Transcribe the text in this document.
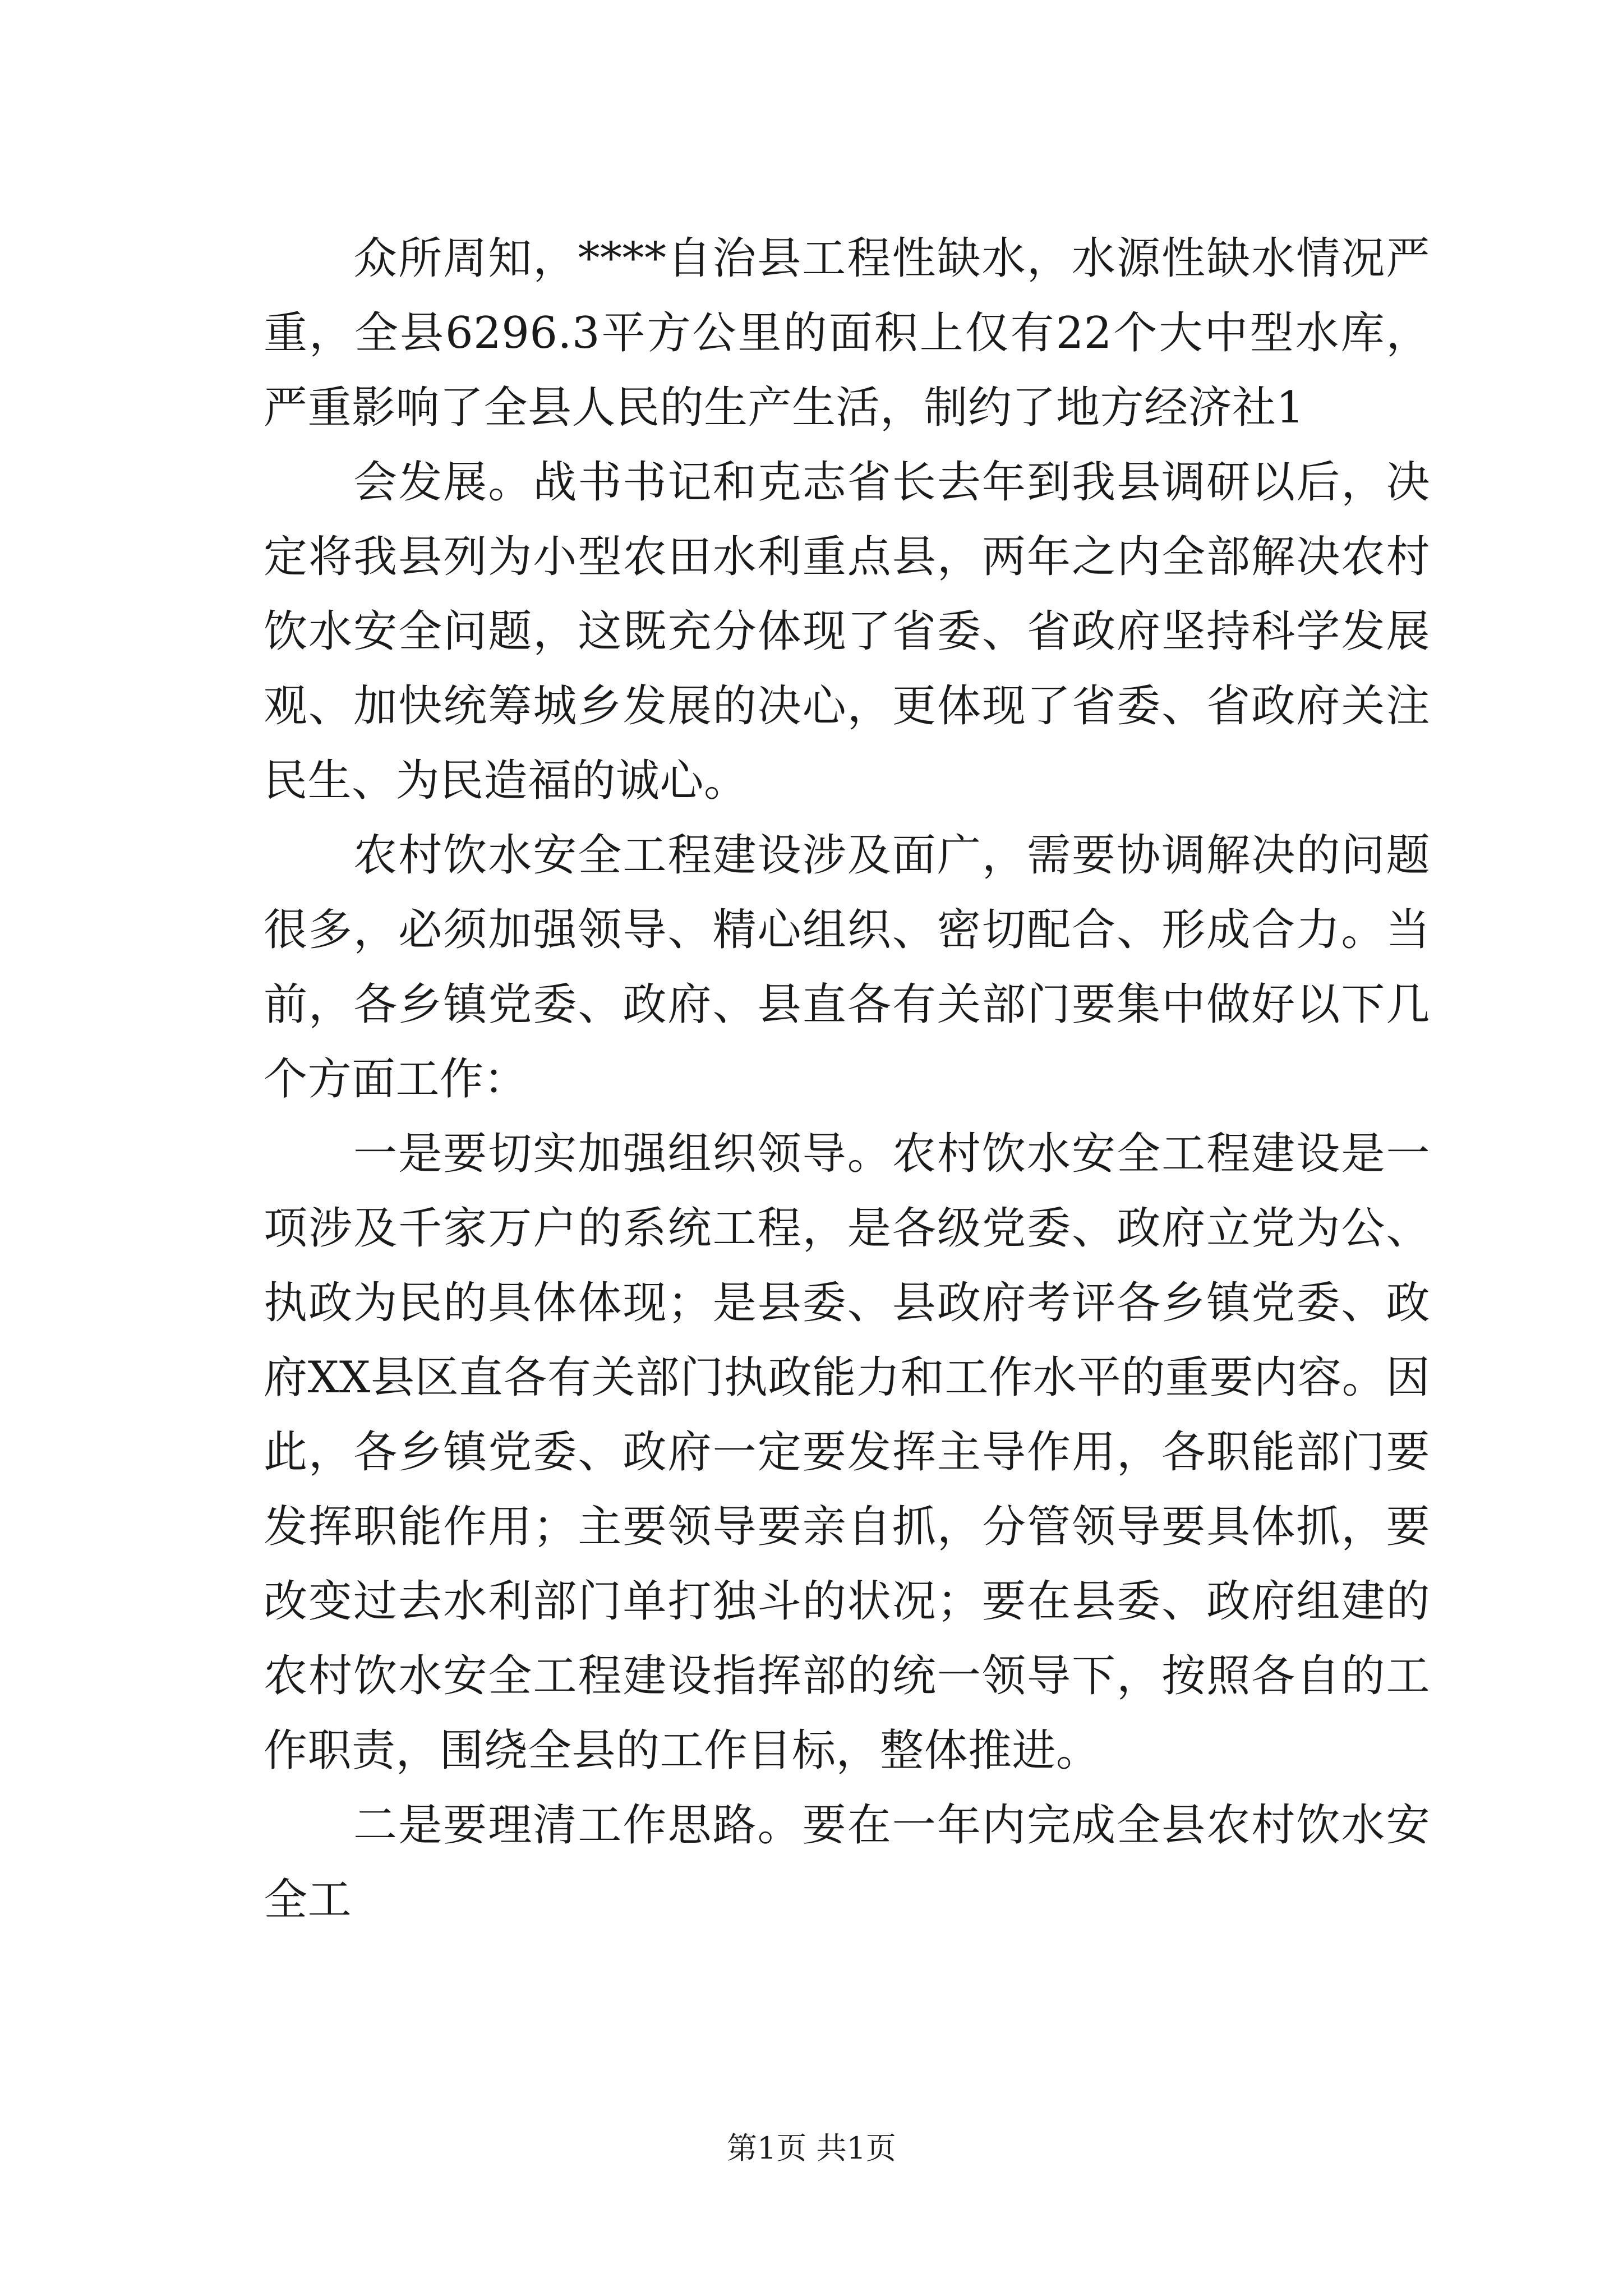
众所周知，****自治县工程性缺水，水源性缺水情况严重，全县6296.3平方公里的面积上仅有22个大中型水库，严重影响了全县人民的生产生活，制约了地方经济社1

会发展。战书书记和克志省长去年到我县调研以后，决定将我县列为小型农田水利重点县，两年之内全部解决农村饮水安全问题，这既充分体现了省委、省政府坚持科学发展观、加快统筹城乡发展的决心，更体现了省委、省政府关注民生、为民造福的诚心。

农村饮水安全工程建设涉及面广，需要协调解决的问题很多，必须加强领导、精心组织、密切配合、形成合力。当前，各乡镇党委、政府、县直各有关部门要集中做好以下几个方面工作：

一是要切实加强组织领导。农村饮水安全工程建设是一项涉及千家万户的系统工程，是各级党委、政府立党为公、执政为民的具体体现；是县委、县政府考评各乡镇党委、政府XX县区直各有关部门执政能力和工作水平的重要内容。因此，各乡镇党委、政府一定要发挥主导作用，各职能部门要发挥职能作用；主要领导要亲自抓，分管领导要具体抓，要改变过去水利部门单打独斗的状况；要在县委、政府组建的农村饮水安全工程建设指挥部的统一领导下，按照各自的工作职责，围绕全县的工作目标，整体推进。

二是要理清工作思路。要在一年内完成全县农村饮水安全工

第1页 共1页
